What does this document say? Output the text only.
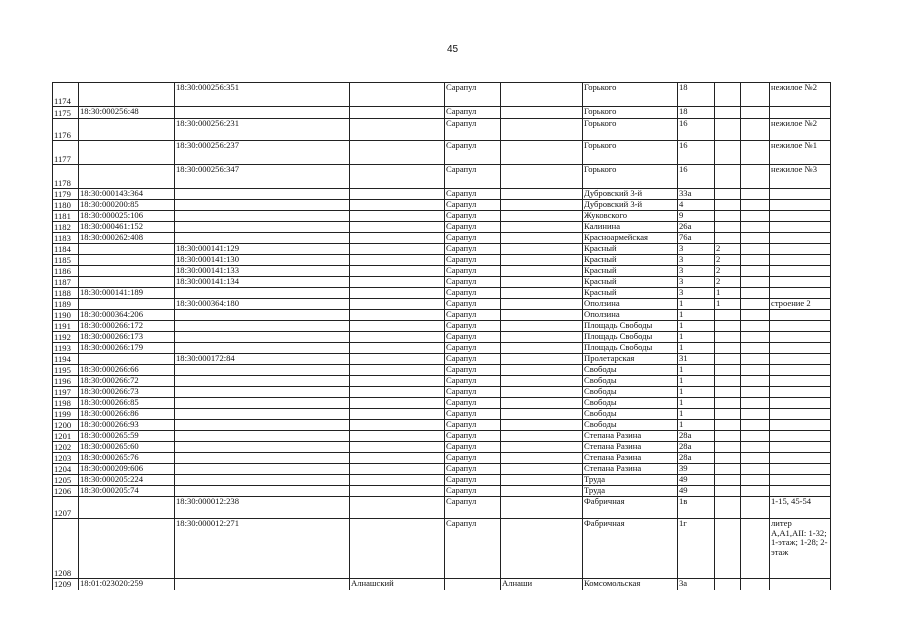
45
1174		18:30:000256:351		Сарапул		Горького	18			нежилое №2
1175	18:30:000256:48			Сарапул		Горького	18			
1176		18:30:000256:231		Сарапул		Горького	16			нежилое №2
1177		18:30:000256:237		Сарапул		Горького	16			нежилое №1
1178		18:30:000256:347		Сарапул		Горького	16			нежилое №3
1179	18:30:000143:364			Сарапул		Дубровский 3-й	33а			
1180	18:30:000200:85			Сарапул		Дубровский 3-й	4			
1181	18:30:000025:106			Сарапул		Жуковского	9			
1182	18:30:000461:152			Сарапул		Калинина	26а			
1183	18:30:000262:408			Сарапул		Красноармейская	76а			
1184		18:30:000141:129		Сарапул		Красный	3	2		
1185		18:30:000141:130		Сарапул		Красный	3	2		
1186		18:30:000141:133		Сарапул		Красный	3	2		
1187		18:30:000141:134		Сарапул		Красный	3	2		
1188	18:30:000141:189			Сарапул		Красный	3	1		
1189		18:30:000364:180		Сарапул		Оползина	1	1		строение 2
1190	18:30:000364:206			Сарапул		Оползина	1			
1191	18:30:000266:172			Сарапул		Площадь Свободы	1			
1192	18:30:000266:173			Сарапул		Площадь Свободы	1			
1193	18:30:000266:179			Сарапул		Площадь Свободы	1			
1194		18:30:000172:84		Сарапул		Пролетарская	31			
1195	18:30:000266:66			Сарапул		Свободы	1			
1196	18:30:000266:72			Сарапул		Свободы	1			
1197	18:30:000266:73			Сарапул		Свободы	1			
1198	18:30:000266:85			Сарапул		Свободы	1			
1199	18:30:000266:86			Сарапул		Свободы	1			
1200	18:30:000266:93			Сарапул		Свободы	1			
1201	18:30:000265:59			Сарапул		Степана Разина	28а			
1202	18:30:000265:60			Сарапул		Степана Разина	28а			
1203	18:30:000265:76			Сарапул		Степана Разина	28а			
1204	18:30:000209:606			Сарапул		Степана Разина	39			
1205	18:30:000205:224			Сарапул		Труда	49			
1206	18:30:000205:74			Сарапул		Труда	49			
1207		18:30:000012:238		Сарапул		Фабричная	1в			1-15, 45-54
1208		18:30:000012:271		Сарапул		Фабричная	1г			литер А,А1,АII: 1-32; 1-этаж; 1-28; 2-этаж
1209	18:01:023020:259		Алнашский		Алнаши	Комсомольская	3а			
